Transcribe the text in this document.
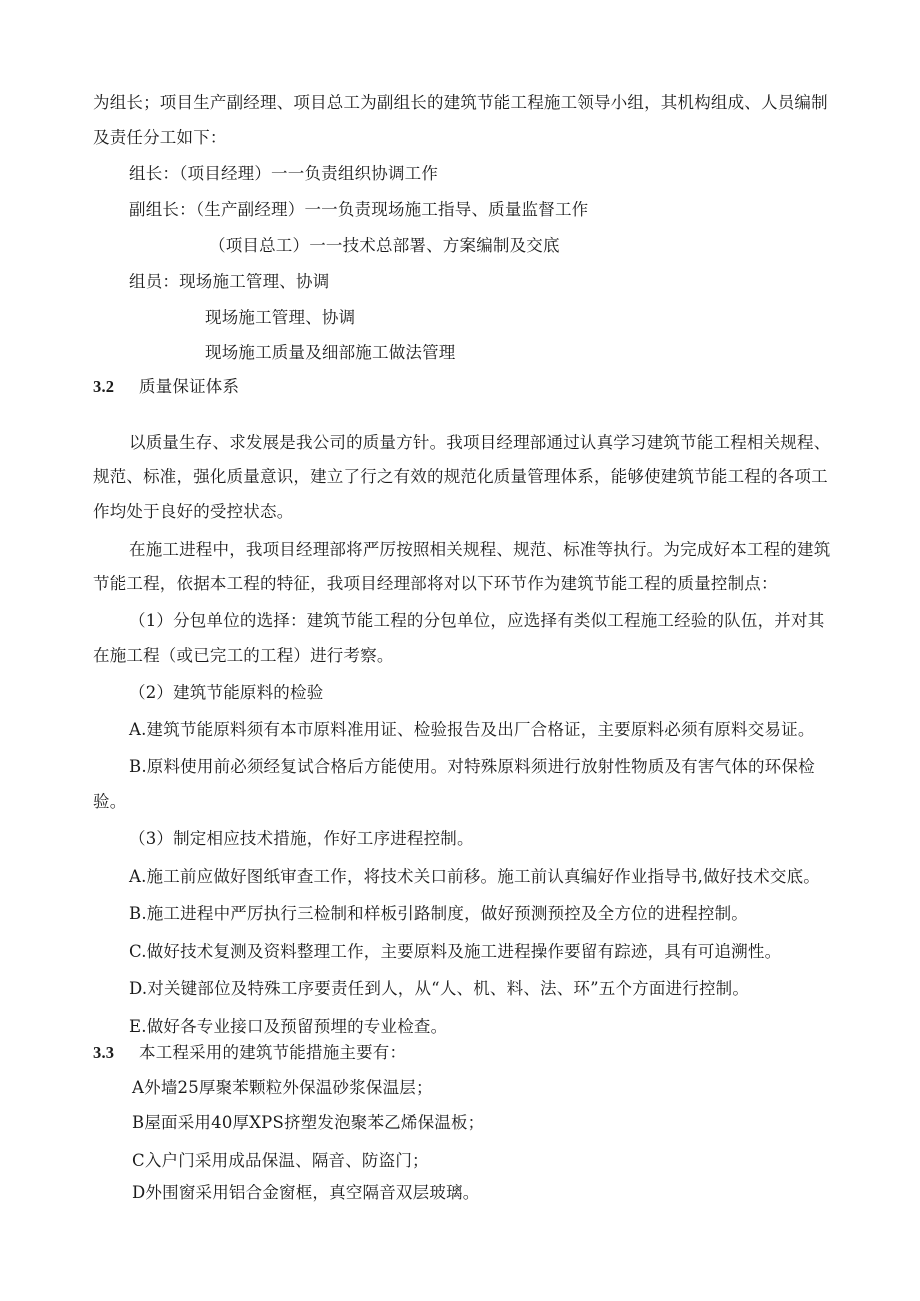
为组长；项目生产副经理、项目总工为副组长的建筑节能工程施工领导小组，其机构组成、人员编制
及责任分工如下：
组长：（项目经理）一一负责组织协调工作
副组长：（生产副经理）一一负责现场施工指导、质量监督工作
（项目总工）一一技术总部署、方案编制及交底
组员：现场施工管理、协调
现场施工管理、协调
现场施工质量及细部施工做法管理
3.2 质量保证体系
以质量生存、求发展是我公司的质量方针。我项目经理部通过认真学习建筑节能工程相关规程、
规范、标准，强化质量意识，建立了行之有效的规范化质量管理体系，能够使建筑节能工程的各项工
作均处于良好的受控状态。
在施工进程中，我项目经理部将严厉按照相关规程、规范、标准等执行。为完成好本工程的建筑
节能工程，依据本工程的特征，我项目经理部将对以下环节作为建筑节能工程的质量控制点：
（1）分包单位的选择：建筑节能工程的分包单位，应选择有类似工程施工经验的队伍，并对其
在施工程（或已完工的工程）进行考察。
（2）建筑节能原料的检验
A.建筑节能原料须有本市原料准用证、检验报告及出厂合格证，主要原料必须有原料交易证。
B.原料使用前必须经复试合格后方能使用。对特殊原料须进行放射性物质及有害气体的环保检
验。
（3）制定相应技术措施，作好工序进程控制。
A.施工前应做好图纸审查工作，将技术关口前移。施工前认真编好作业指导书,做好技术交底。
B.施工进程中严厉执行三检制和样板引路制度，做好预测预控及全方位的进程控制。
C.做好技术复测及资料整理工作，主要原料及施工进程操作要留有踪迹，具有可追溯性。
D.对关键部位及特殊工序要责任到人，从“人、机、料、法、环”五个方面进行控制。
E.做好各专业接口及预留预埋的专业检查。
3.3 本工程采用的建筑节能措施主要有：
A外墙25厚聚苯颗粒外保温砂浆保温层；
B屋面采用40厚XPS挤塑发泡聚苯乙烯保温板；
C入户门采用成品保温、隔音、防盗门；
D外围窗采用铝合金窗框，真空隔音双层玻璃。
